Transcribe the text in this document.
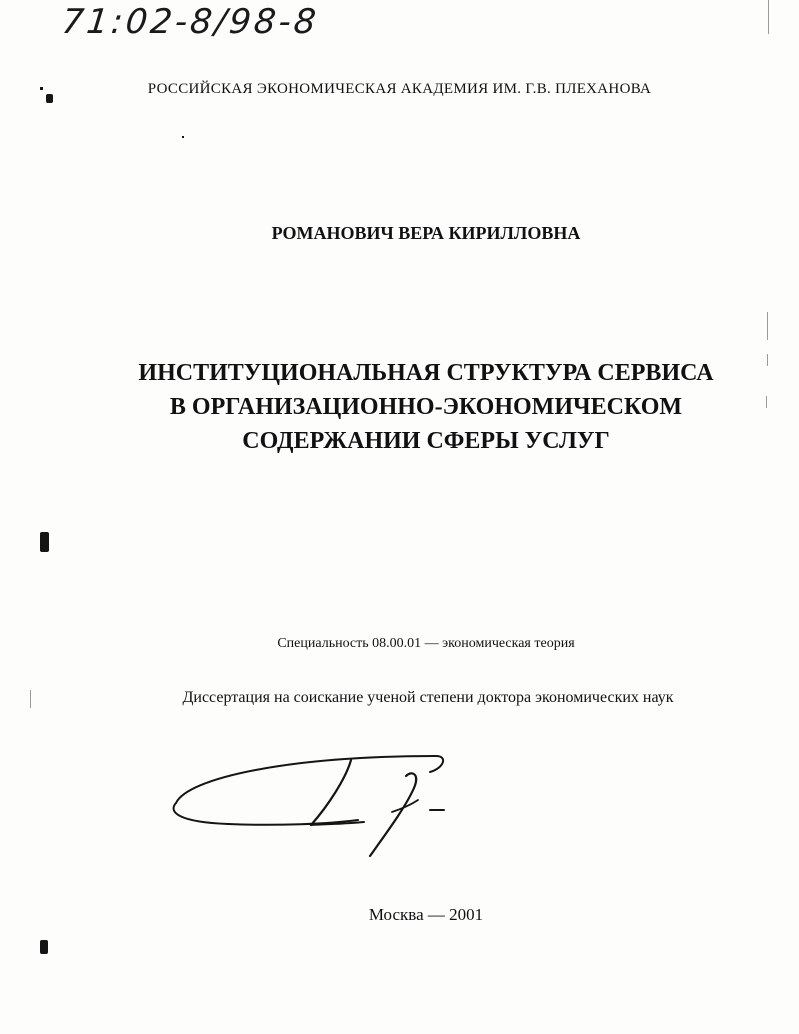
71:02-8/98-8
РОССИЙСКАЯ ЭКОНОМИЧЕСКАЯ АКАДЕМИЯ ИМ. Г.В. ПЛЕХАНОВА
РОМАНОВИЧ ВЕРА КИРИЛЛОВНА
ИНСТИТУЦИОНАЛЬНАЯ СТРУКТУРА СЕРВИСА
В ОРГАНИЗАЦИОННО-ЭКОНОМИЧЕСКОМ
СОДЕРЖАНИИ СФЕРЫ УСЛУГ
Специальность 08.00.01 — экономическая теория
Диссертация на соискание ученой степени доктора экономических наук
Москва — 2001
